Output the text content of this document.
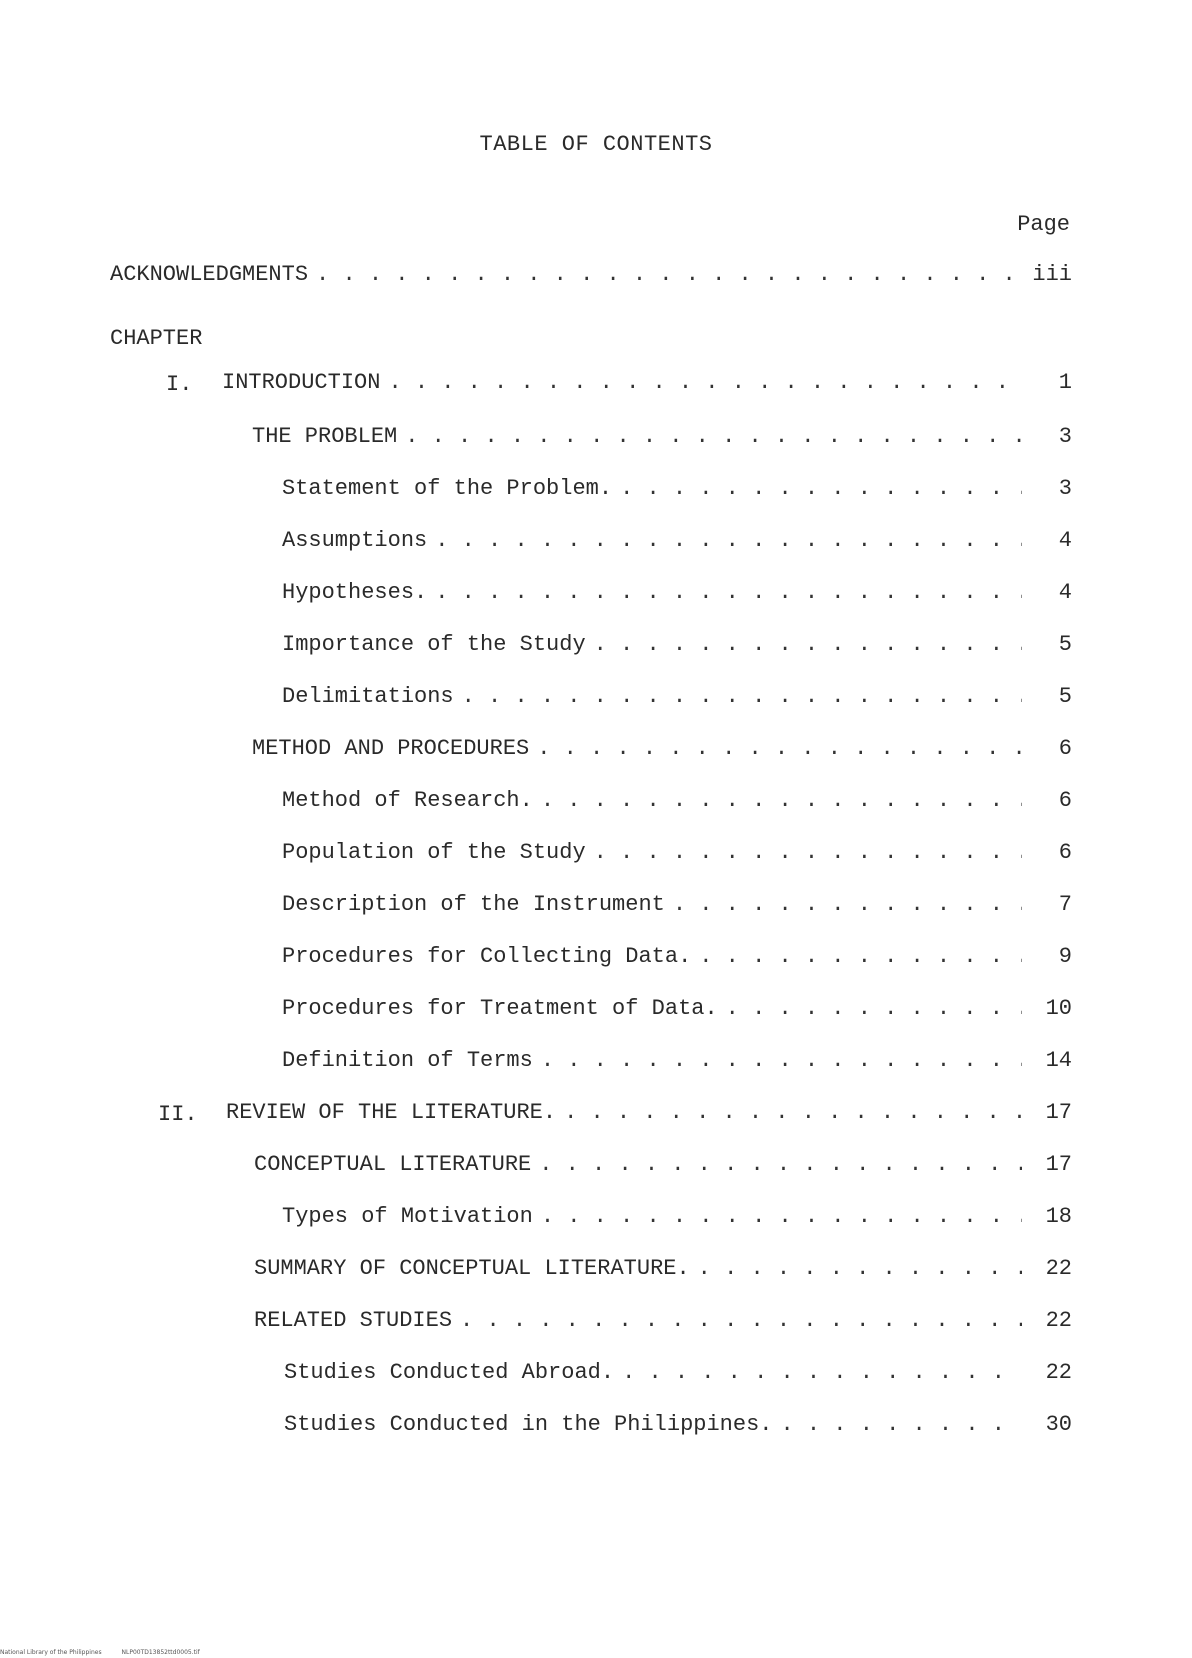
TABLE OF CONTENTS
Page
ACKNOWLEDGMENTS . . .	iii
CHAPTER
I. INTRODUCTION . . .	1
THE PROBLEM . . .	3
Statement of the Problem. . . .	3
Assumptions . . .	4
Hypotheses. . . .	4
Importance of the Study . . .	5
Delimitations . . .	5
METHOD AND PROCEDURES . . .	6
Method of Research. . . .	6
Population of the Study . . .	6
Description of the Instrument . . .	7
Procedures for Collecting Data. . . .	9
Procedures for Treatment of Data. . . .	10
Definition of Terms . . .	14
II. REVIEW OF THE LITERATURE. . . .	17
CONCEPTUAL LITERATURE . . .	17
Types of Motivation . . .	18
SUMMARY OF CONCEPTUAL LITERATURE. . . .	22
RELATED STUDIES . . .	22
Studies Conducted Abroad. . . .	22
Studies Conducted in the Philippines. . . .	30
National Library of the Philippines	NLP00TD13852ttd0005.tif
